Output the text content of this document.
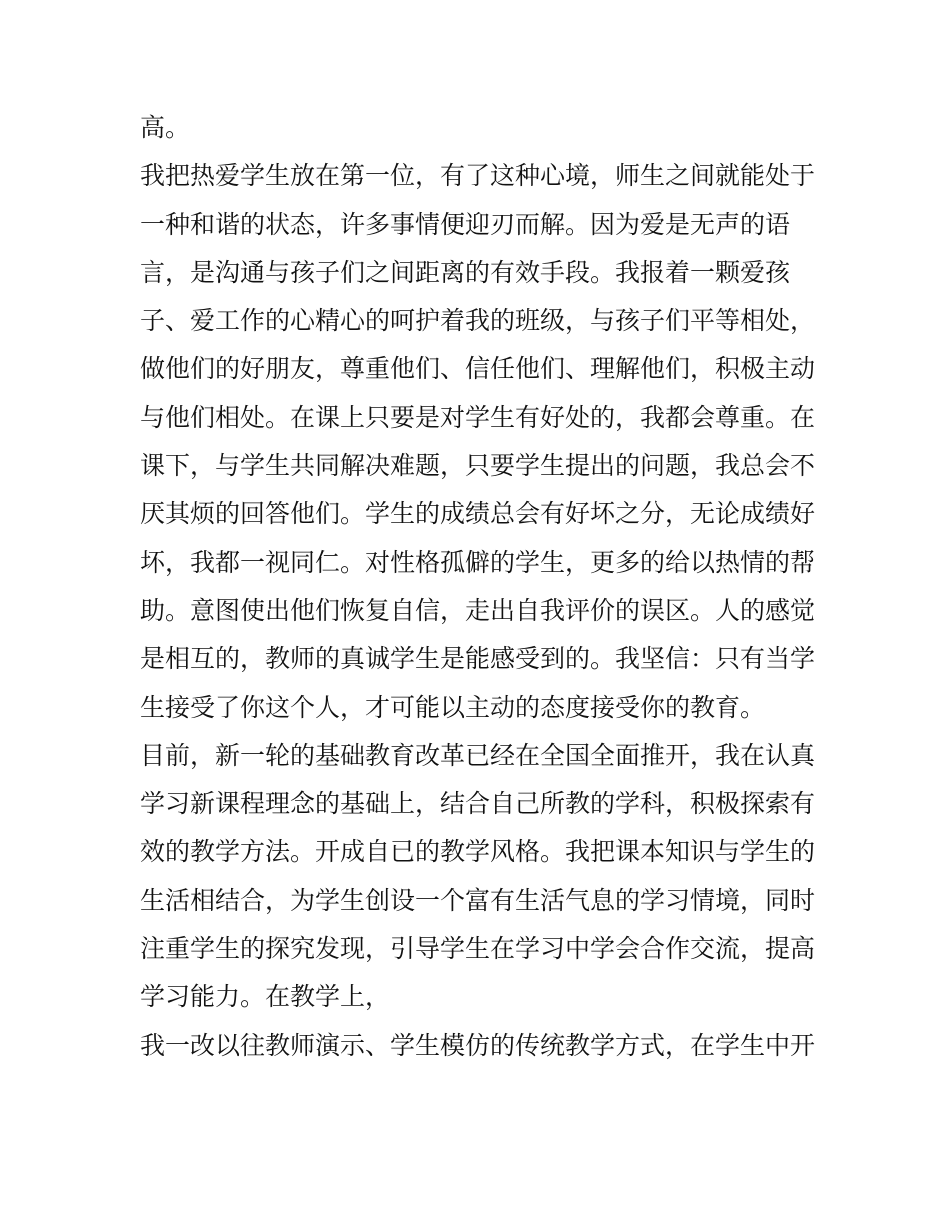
高。
我把热爱学生放在第一位，有了这种心境，师生之间就能处于
一种和谐的状态，许多事情便迎刃而解。因为爱是无声的语
言，是沟通与孩子们之间距离的有效手段。我报着一颗爱孩
子、爱工作的心精心的呵护着我的班级，与孩子们平等相处，
做他们的好朋友，尊重他们、信任他们、理解他们，积极主动
与他们相处。在课上只要是对学生有好处的，我都会尊重。在
课下，与学生共同解决难题，只要学生提出的问题，我总会不
厌其烦的回答他们。学生的成绩总会有好坏之分，无论成绩好
坏，我都一视同仁。对性格孤僻的学生，更多的给以热情的帮
助。意图使出他们恢复自信，走出自我评价的误区。人的感觉
是相互的，教师的真诚学生是能感受到的。我坚信：只有当学
生接受了你这个人，才可能以主动的态度接受你的教育。
目前，新一轮的基础教育改革已经在全国全面推开，我在认真
学习新课程理念的基础上，结合自己所教的学科，积极探索有
效的教学方法。开成自已的教学风格。我把课本知识与学生的
生活相结合，为学生创设一个富有生活气息的学习情境，同时
注重学生的探究发现，引导学生在学习中学会合作交流，提高
学习能力。在教学上，
我一改以往教师演示、学生模仿的传统教学方式，在学生中开
